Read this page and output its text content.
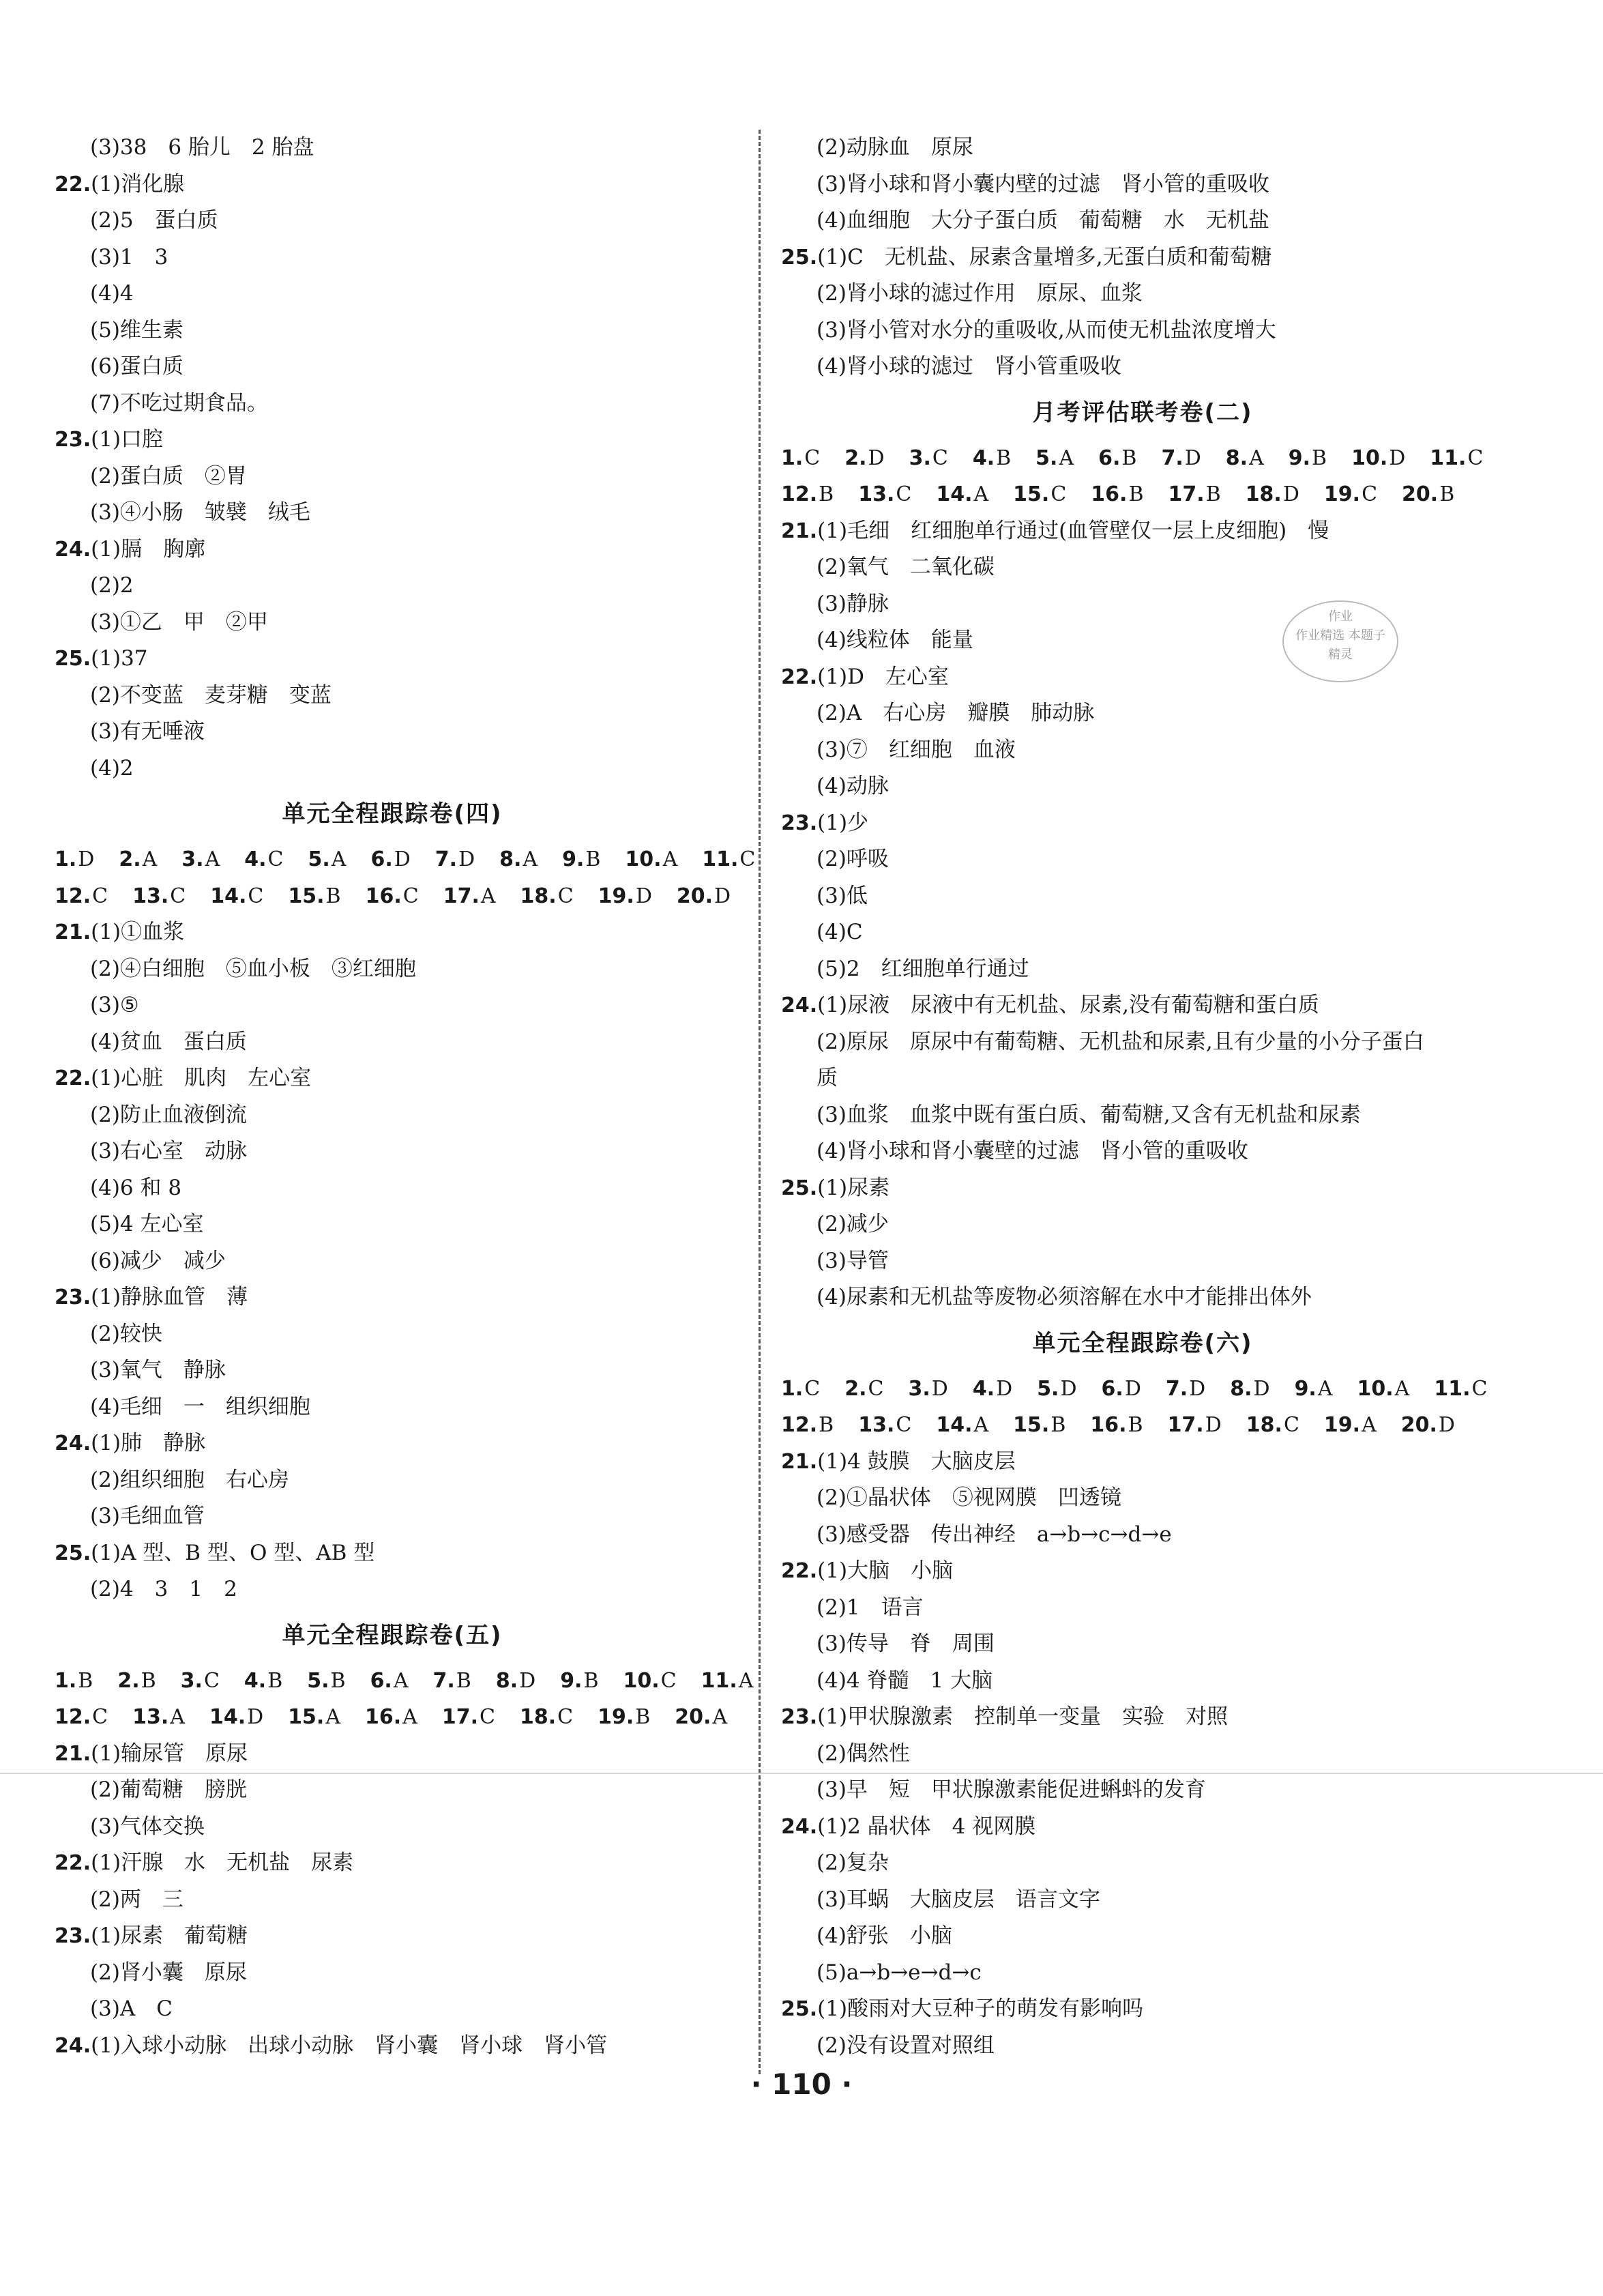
(3)38　6 胎儿　2 胎盘
22.(1)消化腺
(2)5　蛋白质
(3)1　3
(4)4
(5)维生素
(6)蛋白质
(7)不吃过期食品。
23.(1)口腔
(2)蛋白质　②胃
(3)④小肠　皱襞　绒毛
24.(1)膈　胸廓
(2)2
(3)①乙　甲　②甲
25.(1)37
(2)不变蓝　麦芽糖　变蓝
(3)有无唾液
(4)2
单元全程跟踪卷(四)
1.D 2.A 3.A 4.C 5.A 6.D 7.D 8.A 9.B 10.A 11.C
12.C 13.C 14.C 15.B 16.C 17.A 18.C 19.D 20.D
21.(1)①血浆
(2)④白细胞　⑤血小板　③红细胞
(3)⑤
(4)贫血　蛋白质
22.(1)心脏　肌肉　左心室
(2)防止血液倒流
(3)右心室　动脉
(4)6 和 8
(5)4 左心室
(6)减少　减少
23.(1)静脉血管　薄
(2)较快
(3)氧气　静脉
(4)毛细　一　组织细胞
24.(1)肺　静脉
(2)组织细胞　右心房
(3)毛细血管
25.(1)A 型、B 型、O 型、AB 型
(2)4　3　1　2
单元全程跟踪卷(五)
1.B 2.B 3.C 4.B 5.B 6.A 7.B 8.D 9.B 10.C 11.A
12.C 13.A 14.D 15.A 16.A 17.C 18.C 19.B 20.A
21.(1)输尿管　原尿
(2)葡萄糖　膀胱
(3)气体交换
22.(1)汗腺　水　无机盐　尿素
(2)两　三
23.(1)尿素　葡萄糖
(2)肾小囊　原尿
(3)A　C
24.(1)入球小动脉　出球小动脉　肾小囊　肾小球　肾小管
(2)动脉血　原尿
(3)肾小球和肾小囊内壁的过滤　肾小管的重吸收
(4)血细胞　大分子蛋白质　葡萄糖　水　无机盐
25.(1)C　无机盐、尿素含量增多,无蛋白质和葡萄糖
(2)肾小球的滤过作用　原尿、血浆
(3)肾小管对水分的重吸收,从而使无机盐浓度增大
(4)肾小球的滤过　肾小管重吸收
月考评估联考卷(二)
1.C 2.D 3.C 4.B 5.A 6.B 7.D 8.A 9.B 10.D 11.C
12.B 13.C 14.A 15.C 16.B 17.B 18.D 19.C 20.B
21.(1)毛细　红细胞单行通过(血管壁仅一层上皮细胞)　慢
(2)氧气　二氧化碳
(3)静脉
(4)线粒体　能量
22.(1)D　左心室
(2)A　右心房　瓣膜　肺动脉
(3)⑦　红细胞　血液
(4)动脉
23.(1)少
(2)呼吸
(3)低
(4)C
(5)2　红细胞单行通过
24.(1)尿液　尿液中有无机盐、尿素,没有葡萄糖和蛋白质
(2)原尿　原尿中有葡萄糖、无机盐和尿素,且有少量的小分子蛋白
质
(3)血浆　血浆中既有蛋白质、葡萄糖,又含有无机盐和尿素
(4)肾小球和肾小囊壁的过滤　肾小管的重吸收
25.(1)尿素
(2)减少
(3)导管
(4)尿素和无机盐等废物必须溶解在水中才能排出体外
单元全程跟踪卷(六)
1.C 2.C 3.D 4.D 5.D 6.D 7.D 8.D 9.A 10.A 11.C
12.B 13.C 14.A 15.B 16.B 17.D 18.C 19.A 20.D
21.(1)4 鼓膜　大脑皮层
(2)①晶状体　⑤视网膜　凹透镜
(3)感受器　传出神经　a→b→c→d→e
22.(1)大脑　小脑
(2)1　语言
(3)传导　脊　周围
(4)4 脊髓　1 大脑
23.(1)甲状腺激素　控制单一变量　实验　对照
(2)偶然性
(3)早　短　甲状腺激素能促进蝌蚪的发育
24.(1)2 晶状体　4 视网膜
(2)复杂
(3)耳蜗　大脑皮层　语言文字
(4)舒张　小脑
(5)a→b→e→d→c
25.(1)酸雨对大豆种子的萌发有影响吗
(2)没有设置对照组
作业
作业精选 本题子
精灵
· 110 ·
